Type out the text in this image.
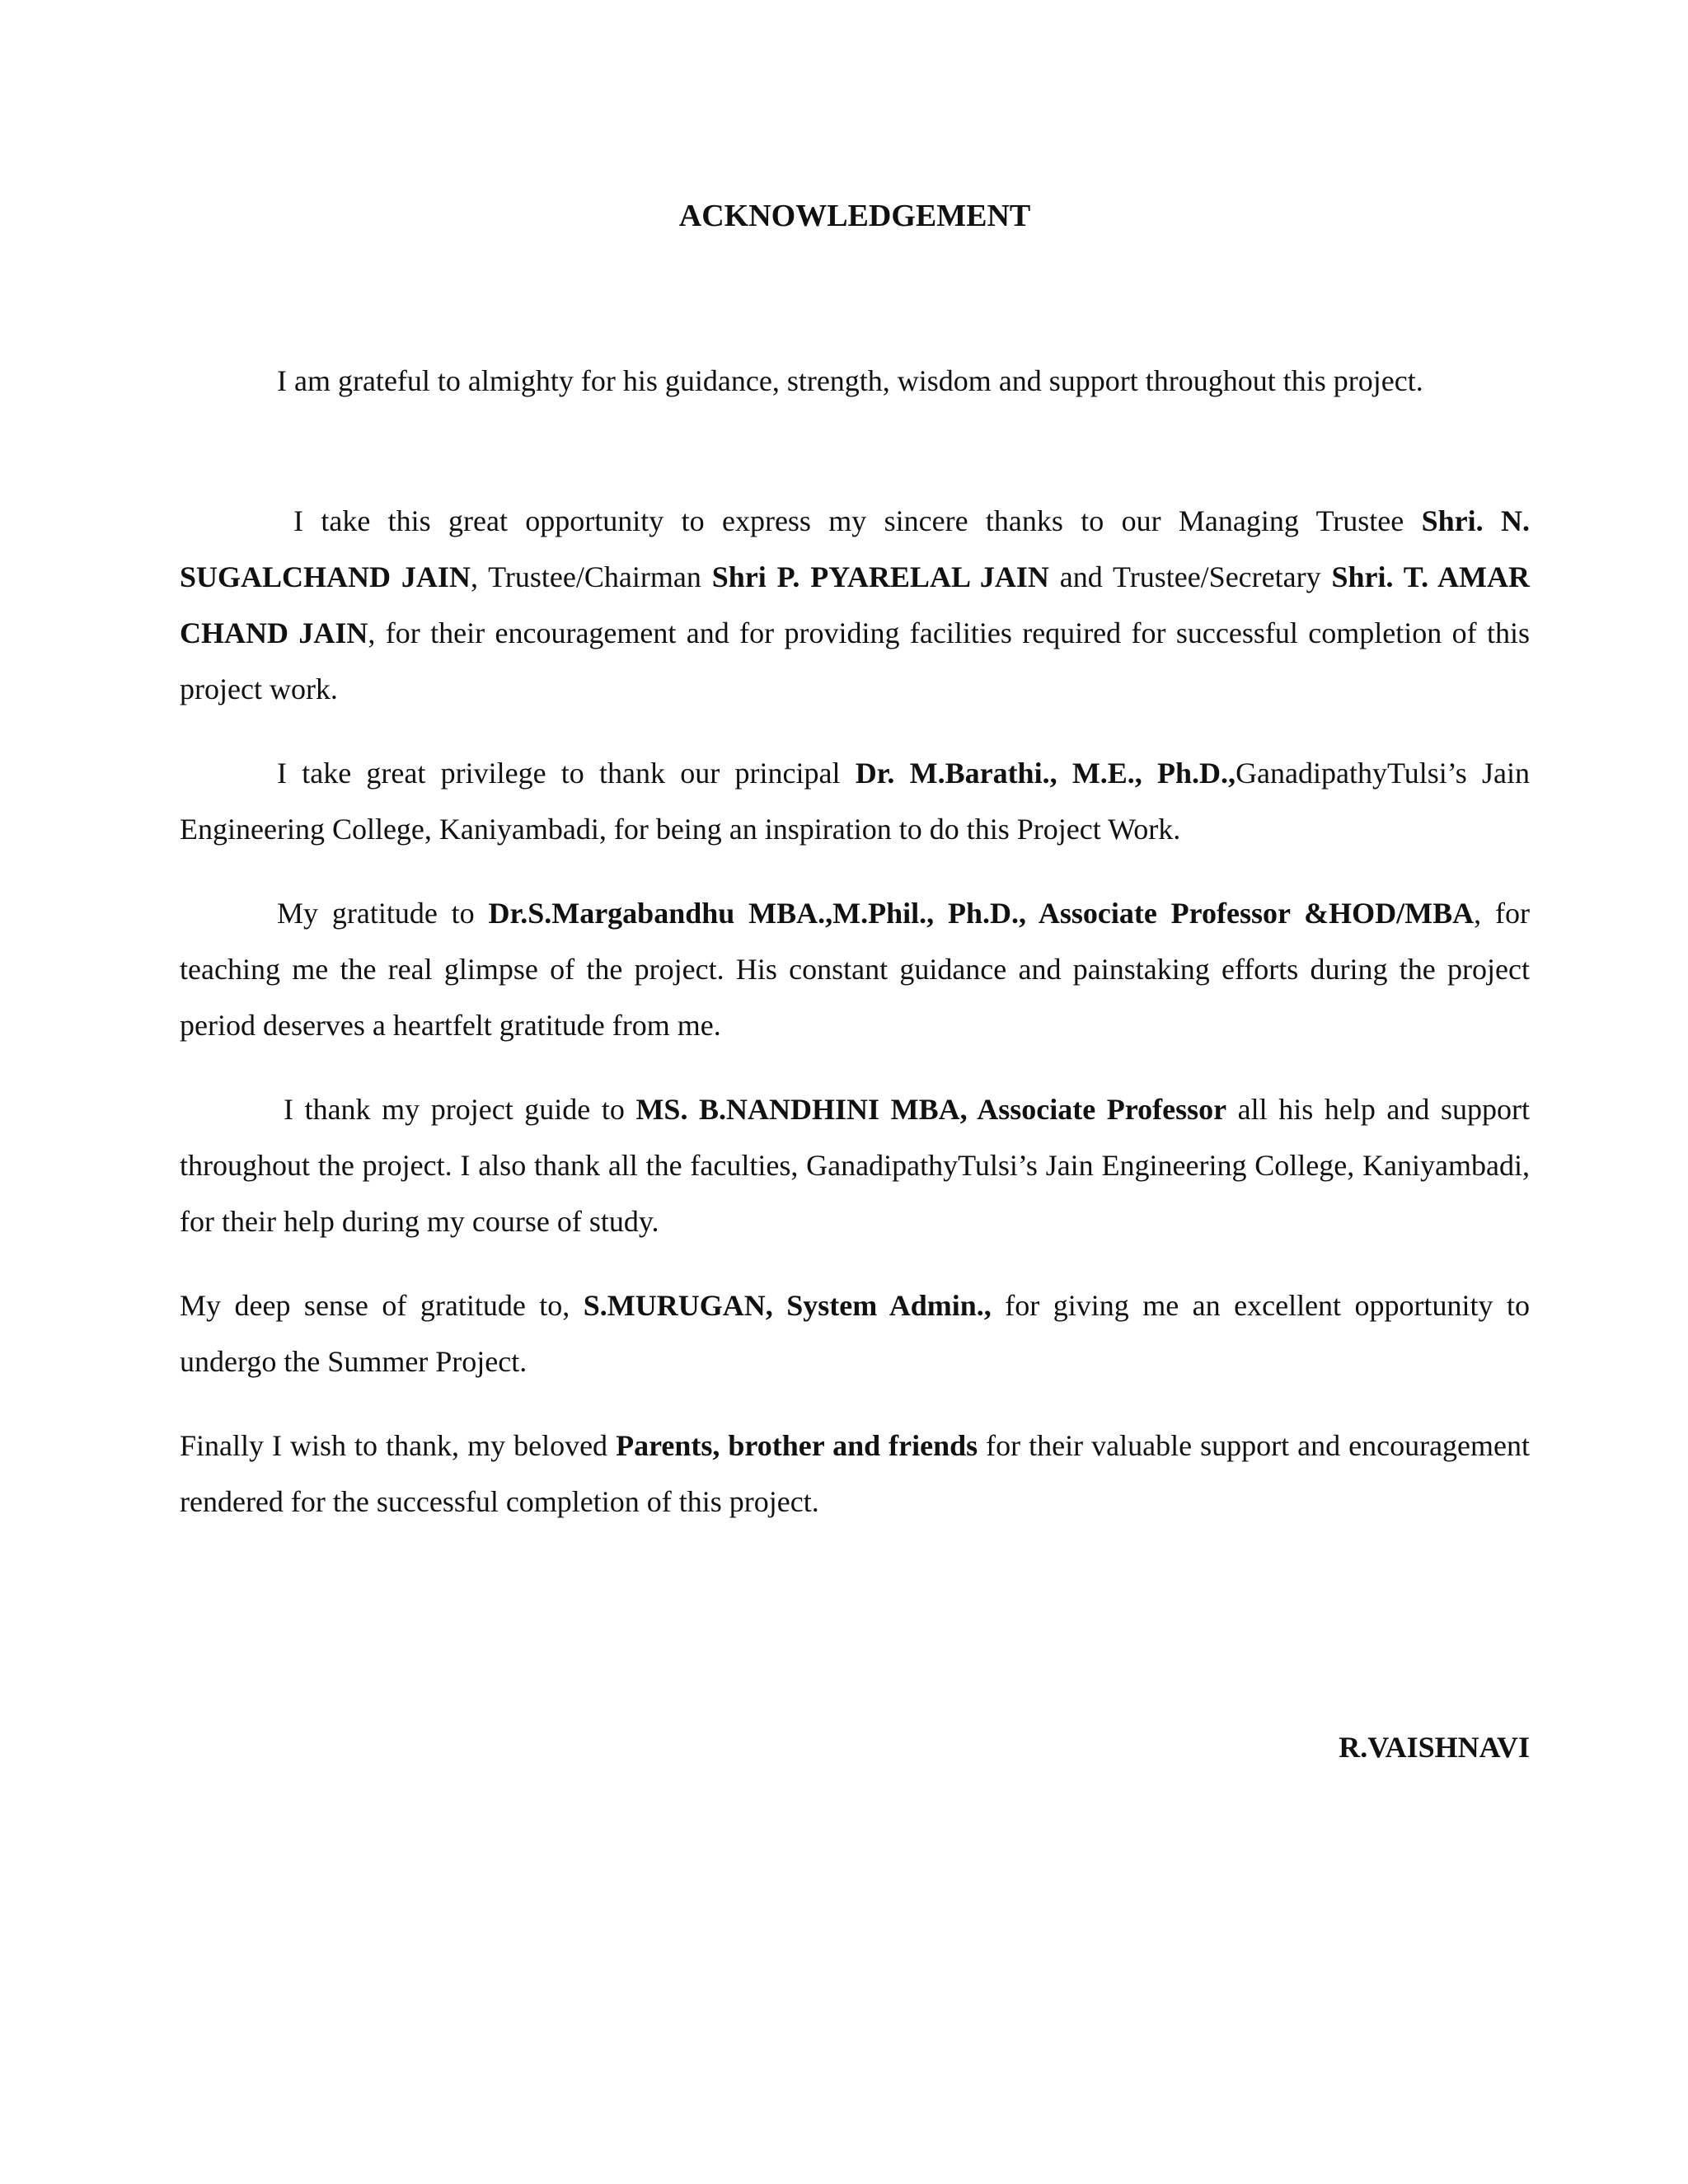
ACKNOWLEDGEMENT

I am grateful to almighty for his guidance, strength, wisdom and support throughout this project.

I take this great opportunity to express my sincere thanks to our Managing Trustee Shri. N. SUGALCHAND JAIN, Trustee/Chairman Shri P. PYARELAL JAIN and Trustee/Secretary Shri. T. AMAR CHAND JAIN, for their encouragement and for providing facilities required for successful completion of this project work.

I take great privilege to thank our principal Dr. M.Barathi., M.E., Ph.D.,GanadipathyTulsi’s Jain Engineering College, Kaniyambadi, for being an inspiration to do this Project Work.

My gratitude to Dr.S.Margabandhu MBA.,M.Phil., Ph.D., Associate Professor &HOD/MBA, for teaching me the real glimpse of the project. His constant guidance and painstaking efforts during the project period deserves a heartfelt gratitude from me.

I thank my project guide to MS. B.NANDHINI MBA, Associate Professor all his help and support throughout the project. I also thank all the faculties, GanadipathyTulsi’s Jain Engineering College, Kaniyambadi, for their help during my course of study.

My deep sense of gratitude to, S.MURUGAN, System Admin., for giving me an excellent opportunity to undergo the Summer Project.

Finally I wish to thank, my beloved Parents, brother and friends for their valuable support and encouragement rendered for the successful completion of this project.

R.VAISHNAVI
